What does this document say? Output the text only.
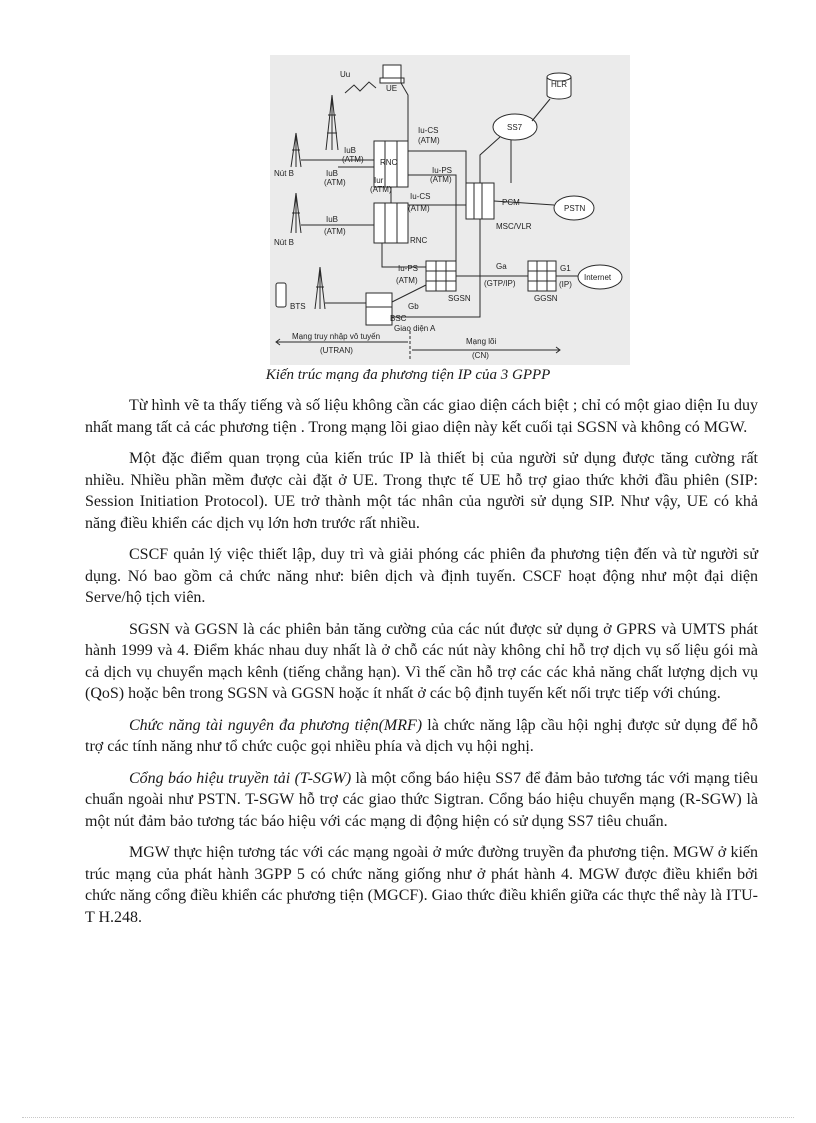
Uu
UE	HLR
SS7
Iu-CS
(ATM)
IuB
(ATM)
IuB
(ATM)
Nút B
Iur
(ATM)
Iu-PS
(ATM)
RNC
Iu-CS
(ATM)
IuB
(ATM)
Nút B	RNC
PSTN
PCM
MSC/VLR
Iu-PS
(ATM)
SGSN
Ga
(GTP/IP)
G1
(IP)
GGSN
Internet
BTS	Gb
BSC
Giao diện A
Mạng truy nhập vô tuyến
(UTRAN)
Mạng lõi
(CN)
Kiến trúc mạng đa phương tiện IP của 3 GPPP

Từ hình vẽ ta thấy tiếng và số liệu không cần các giao diện cách biệt ; chỉ có một giao diện Iu duy nhất mang tất cả các phương tiện . Trong mạng lõi giao diện này kết cuối tại SGSN và không có MGW.

Một đặc điểm quan trọng của kiến trúc IP là thiết bị của người sử dụng được tăng cường rất nhiều. Nhiều phần mềm được cài đặt ở UE. Trong thực tế UE hỗ trợ giao thức khởi đầu phiên (SIP: Session Initiation Protocol). UE trở thành một tác nhân của người sử dụng SIP. Như vậy, UE có khả năng điều khiển các dịch vụ lớn hơn trước rất nhiều.

CSCF quản lý việc thiết lập, duy trì và giải phóng các phiên đa phương tiện đến và từ người sử dụng. Nó bao gồm cả chức năng như: biên dịch và định tuyến. CSCF hoạt động như một đại diện Serve/hộ tịch viên.

SGSN và GGSN là các phiên bản tăng cường của các nút được sử dụng ở GPRS và UMTS phát hành 1999 và 4. Điểm khác nhau duy nhất là ở chỗ các nút này không chỉ hỗ trợ dịch vụ số liệu gói mà cả dịch vụ chuyển mạch kênh (tiếng chẳng hạn). Vì thế cần hỗ trợ các các khả năng chất lượng dịch vụ (QoS) hoặc bên trong SGSN và GGSN hoặc ít nhất ở các bộ định tuyến kết nối trực tiếp với chúng.

Chức năng tài nguyên đa phương tiện(MRF) là chức năng lập cầu hội nghị được sử dụng để hỗ trợ các tính năng như tổ chức cuộc gọi nhiều phía và dịch vụ hội nghị.

Cổng báo hiệu truyền tải (T-SGW) là một cổng báo hiệu SS7 để đảm bảo tương tác với mạng tiêu chuẩn ngoài như PSTN. T-SGW hỗ trợ các giao thức Sigtran. Cổng báo hiệu chuyển mạng (R-SGW) là một nút đảm bảo tương tác báo hiệu với các mạng di động hiện có sử dụng SS7 tiêu chuẩn.

MGW thực hiện tương tác với các mạng ngoài ở mức đường truyền đa phương tiện. MGW ở kiến trúc mạng của phát hành 3GPP 5 có chức năng giống như ở phát hành 4. MGW được điều khiển bởi chức năng cổng điều khiển các phương tiện (MGCF). Giao thức điều khiển giữa các thực thể này là ITU-T H.248.
